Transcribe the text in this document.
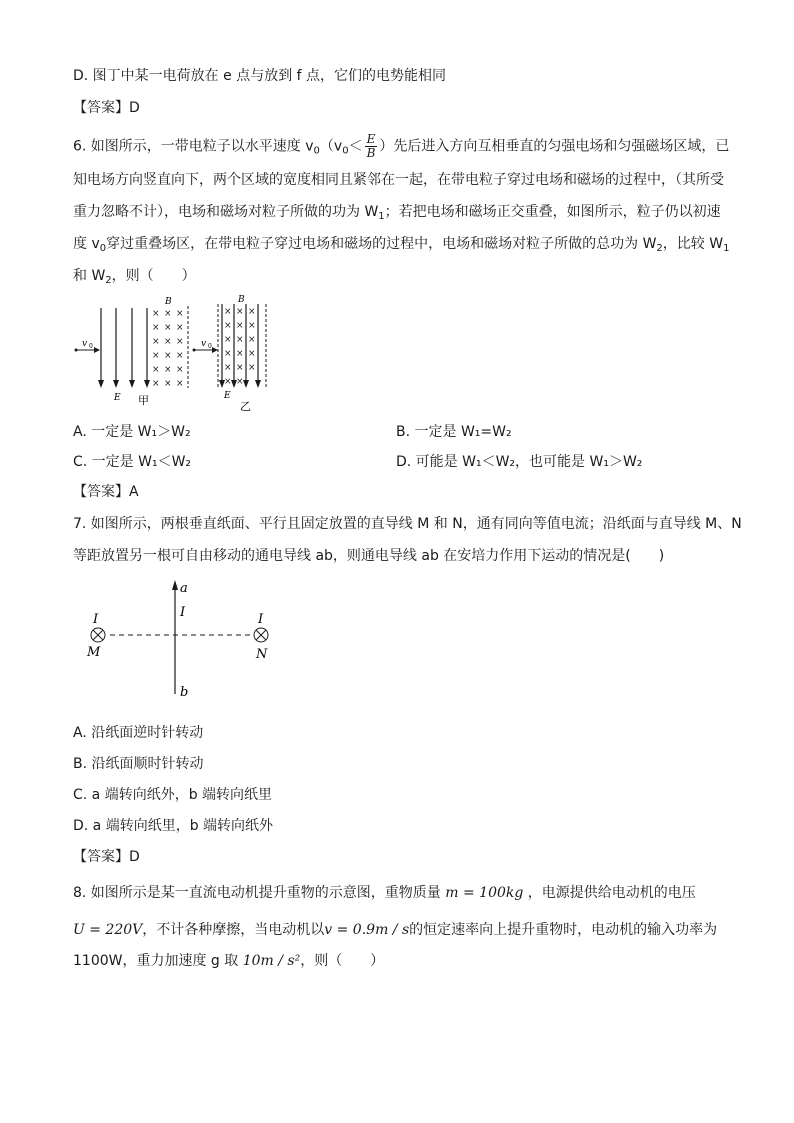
D. 图丁中某一电荷放在 e 点与放到 f 点，它们的电势能相同
【答案】D
6. 如图所示，一带电粒子以水平速度 $v_0(v_0< \frac{E}{B}$ ）先后进入方向互相垂直的匀强电场和匀强磁场区域，已
知电场方向竖直向下，两个区域的宽度相同且紧邻在一起，在带电粒子穿过电场和磁场的过程中，（其所受
重力忽略不计），电场和磁场对粒子所做的功为 $W_1$；若把电场和磁场正交重叠，如图所示，粒子仍以初速
度 $v_0$穿过重叠场区，在带电粒子穿过电场和磁场的过程中，电场和磁场对粒子所做的总功为 $W_2$，比较 $W_1$
和 $W_2$，则（　　）
v 0
E 甲
B
× × ×
× × ×
× × ×
× × ×
× × ×
× × ×
v 0
B
× × ×
× × ×
× × ×
× × ×
× × ×
× ×
E
乙
A. 一定是 W₁＞W₂	B. 一定是 W₁=W₂
C. 一定是 W₁＜W₂	D. 可能是 W₁＜W₂，也可能是 W₁＞W₂
【答案】A
7. 如图所示，两根垂直纸面、平行且固定放置的直导线 M 和 N，通有同向等值电流；沿纸面与直导线 M、N
等距放置另一根可自由移动的通电导线 ab，则通电导线 ab 在安培力作用下运动的情况是(　　)
a
I
b
I
M
I
N
A. 沿纸面逆时针转动
B. 沿纸面顺时针转动
C. a 端转向纸外，b 端转向纸里
D. a 端转向纸里，b 端转向纸外
【答案】D
8. 如图所示是某一直流电动机提升重物的示意图，重物质量 m = 100kg ，电源提供给电动机的电压
U = 220V，不计各种摩擦，当电动机以v = 0.9m / s的恒定速率向上提升重物时，电动机的输入功率为
1100W，重力加速度 g 取 10m / s²，则（　　）
